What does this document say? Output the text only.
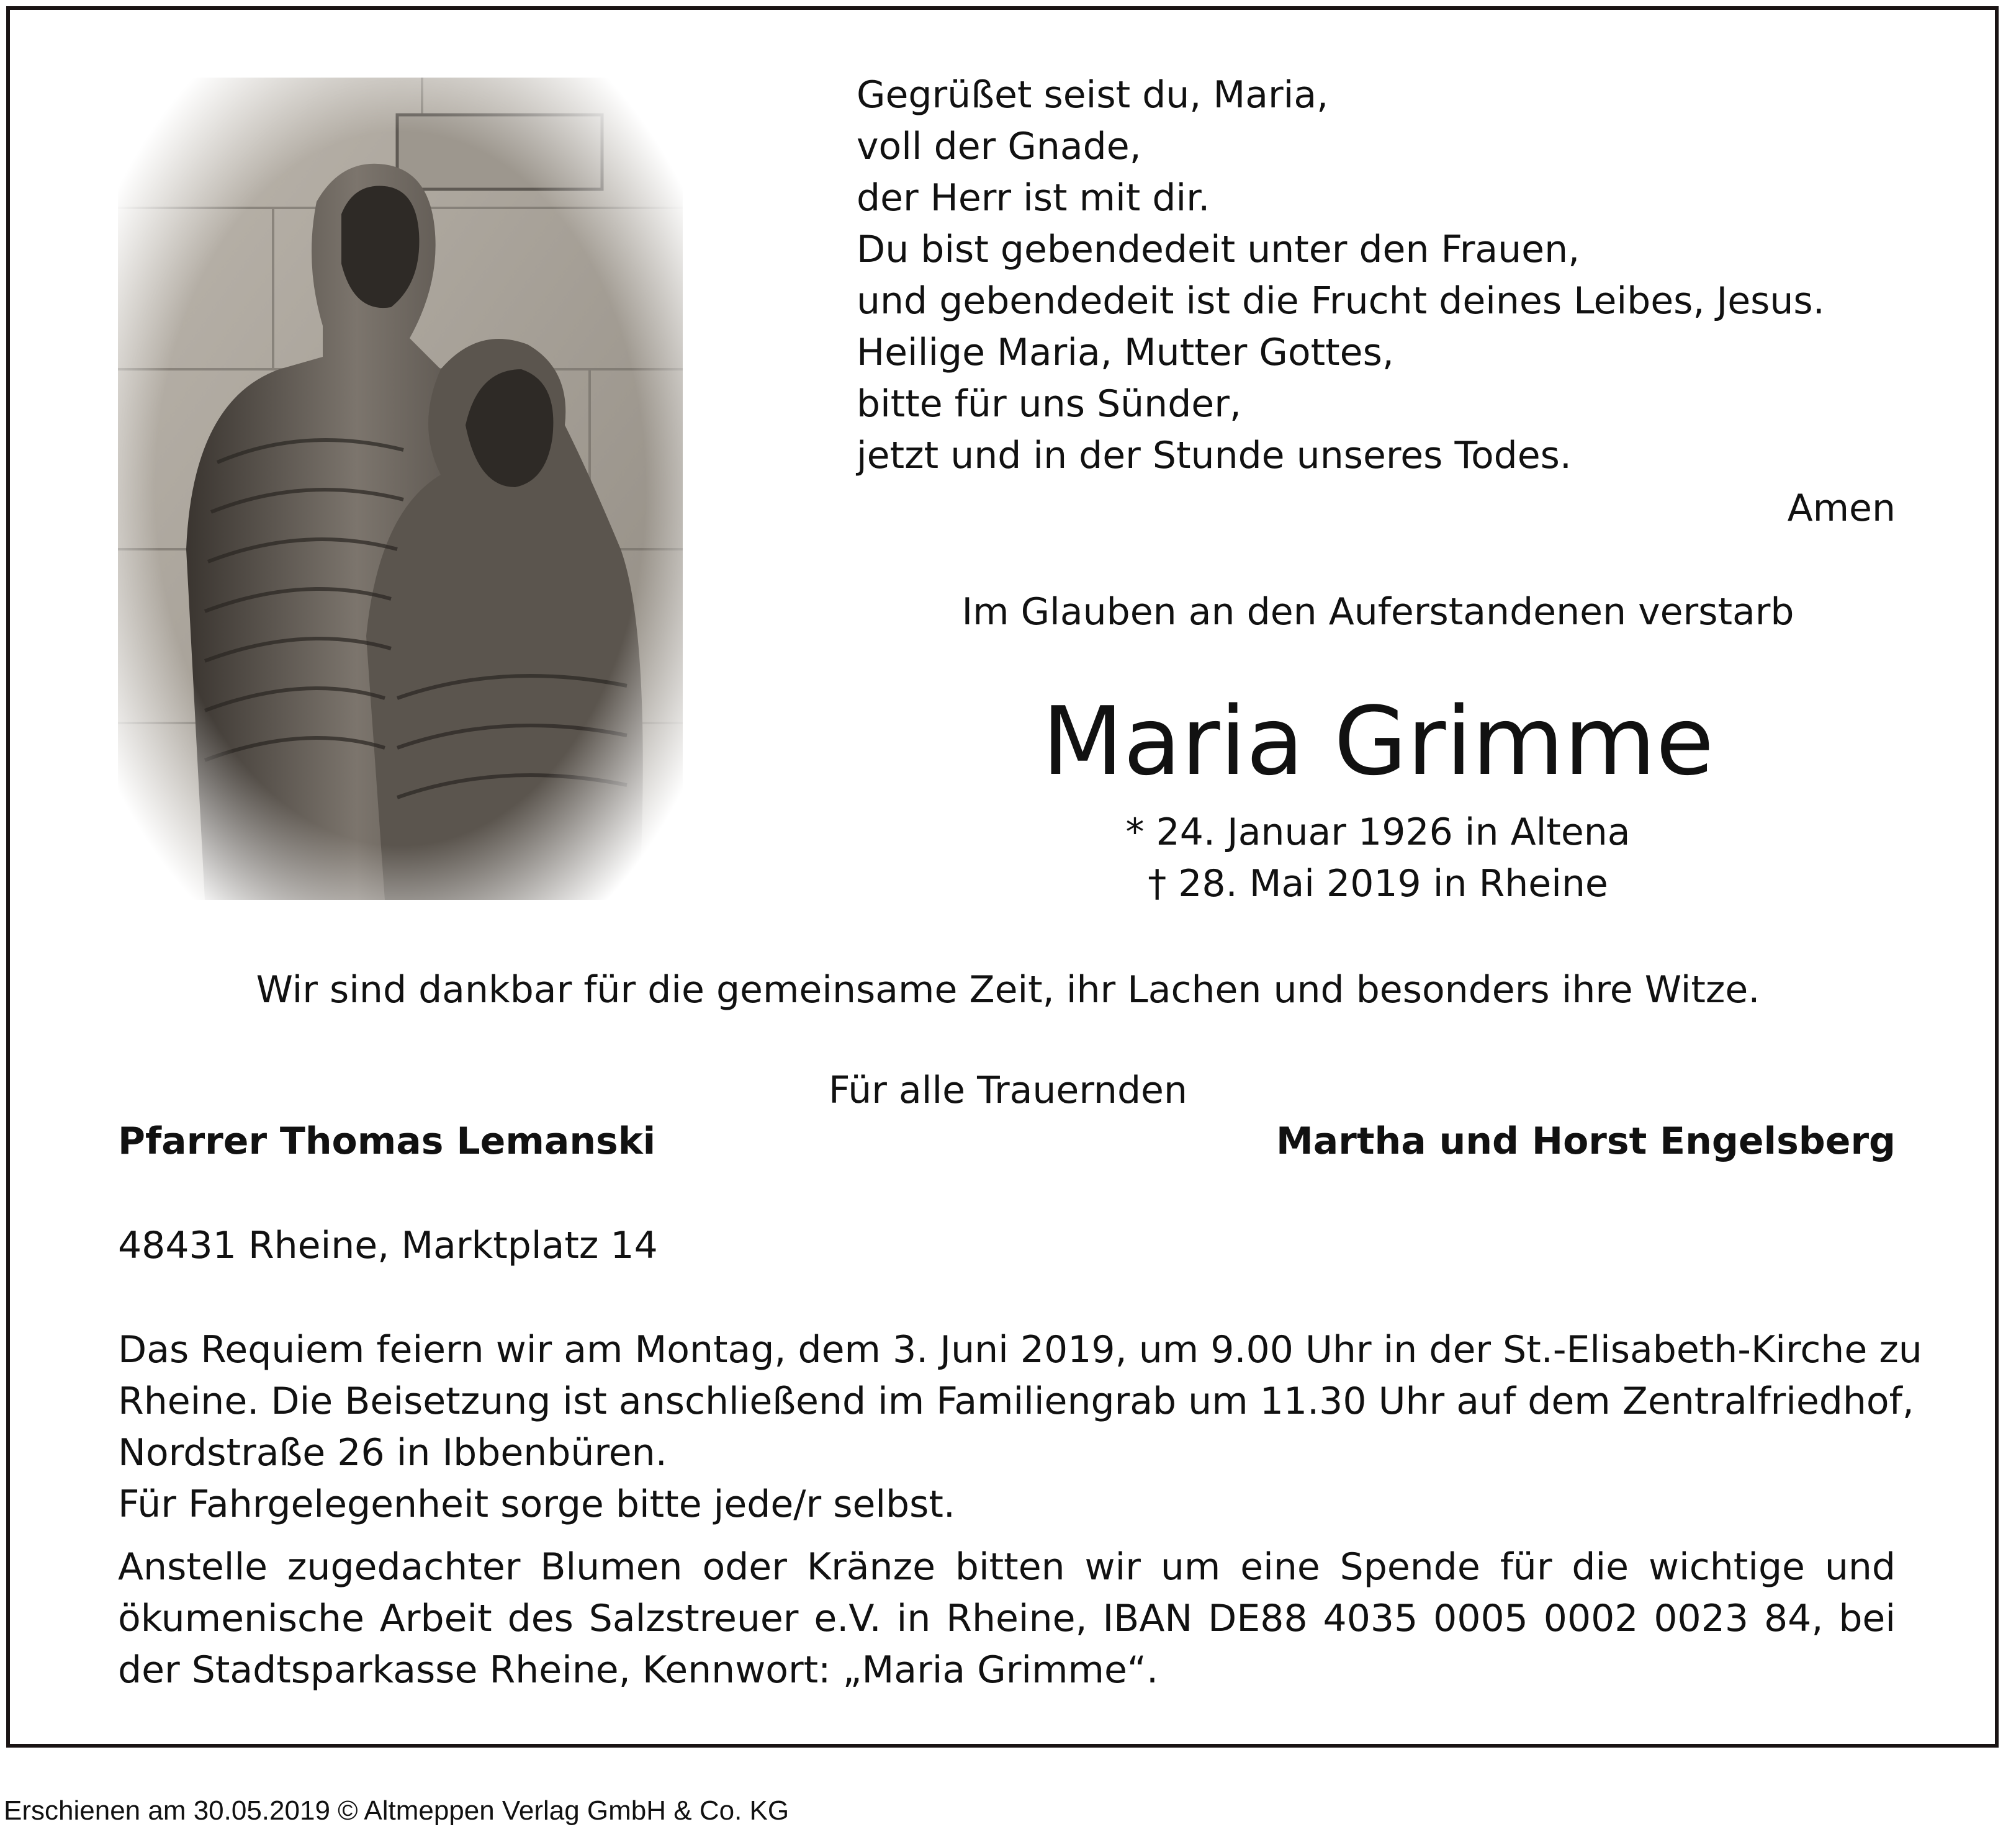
Gegrüßet seist du, Maria,
voll der Gnade,
der Herr ist mit dir.
Du bist gebendedeit unter den Frauen,
und gebendedeit ist die Frucht deines Leibes, Jesus.
Heilige Maria, Mutter Gottes,
bitte für uns Sünder,
jetzt und in der Stunde unseres Todes.
Amen
Im Glauben an den Auferstandenen verstarb
Maria Grimme
* 24. Januar 1926 in Altena
† 28. Mai 2019 in Rheine
Wir sind dankbar für die gemeinsame Zeit, ihr Lachen und besonders ihre Witze.
Für alle Trauernden
Pfarrer Thomas Lemanski	Martha und Horst Engelsberg
48431 Rheine, Marktplatz 14

Das Requiem feiern wir am Montag, dem 3. Juni 2019, um 9.00 Uhr in der St.-Elisabeth-Kirche zu

Rheine. Die Beisetzung ist anschließend im Familiengrab um 11.30 Uhr auf dem Zentralfriedhof,

Nordstraße 26 in Ibbenbüren.

Für Fahrgelegenheit sorge bitte jede/r selbst.

Anstelle zugedachter Blumen oder Kränze bitten wir um eine Spende für die wichtige und ökumenische Arbeit des Salzstreuer e.V. in Rheine, IBAN DE88 4035 0005 0002 0023 84, bei der Stadtsparkasse Rheine, Kennwort: „Maria Grimme“.
Erschienen am 30.05.2019 © Altmeppen Verlag GmbH & Co. KG
